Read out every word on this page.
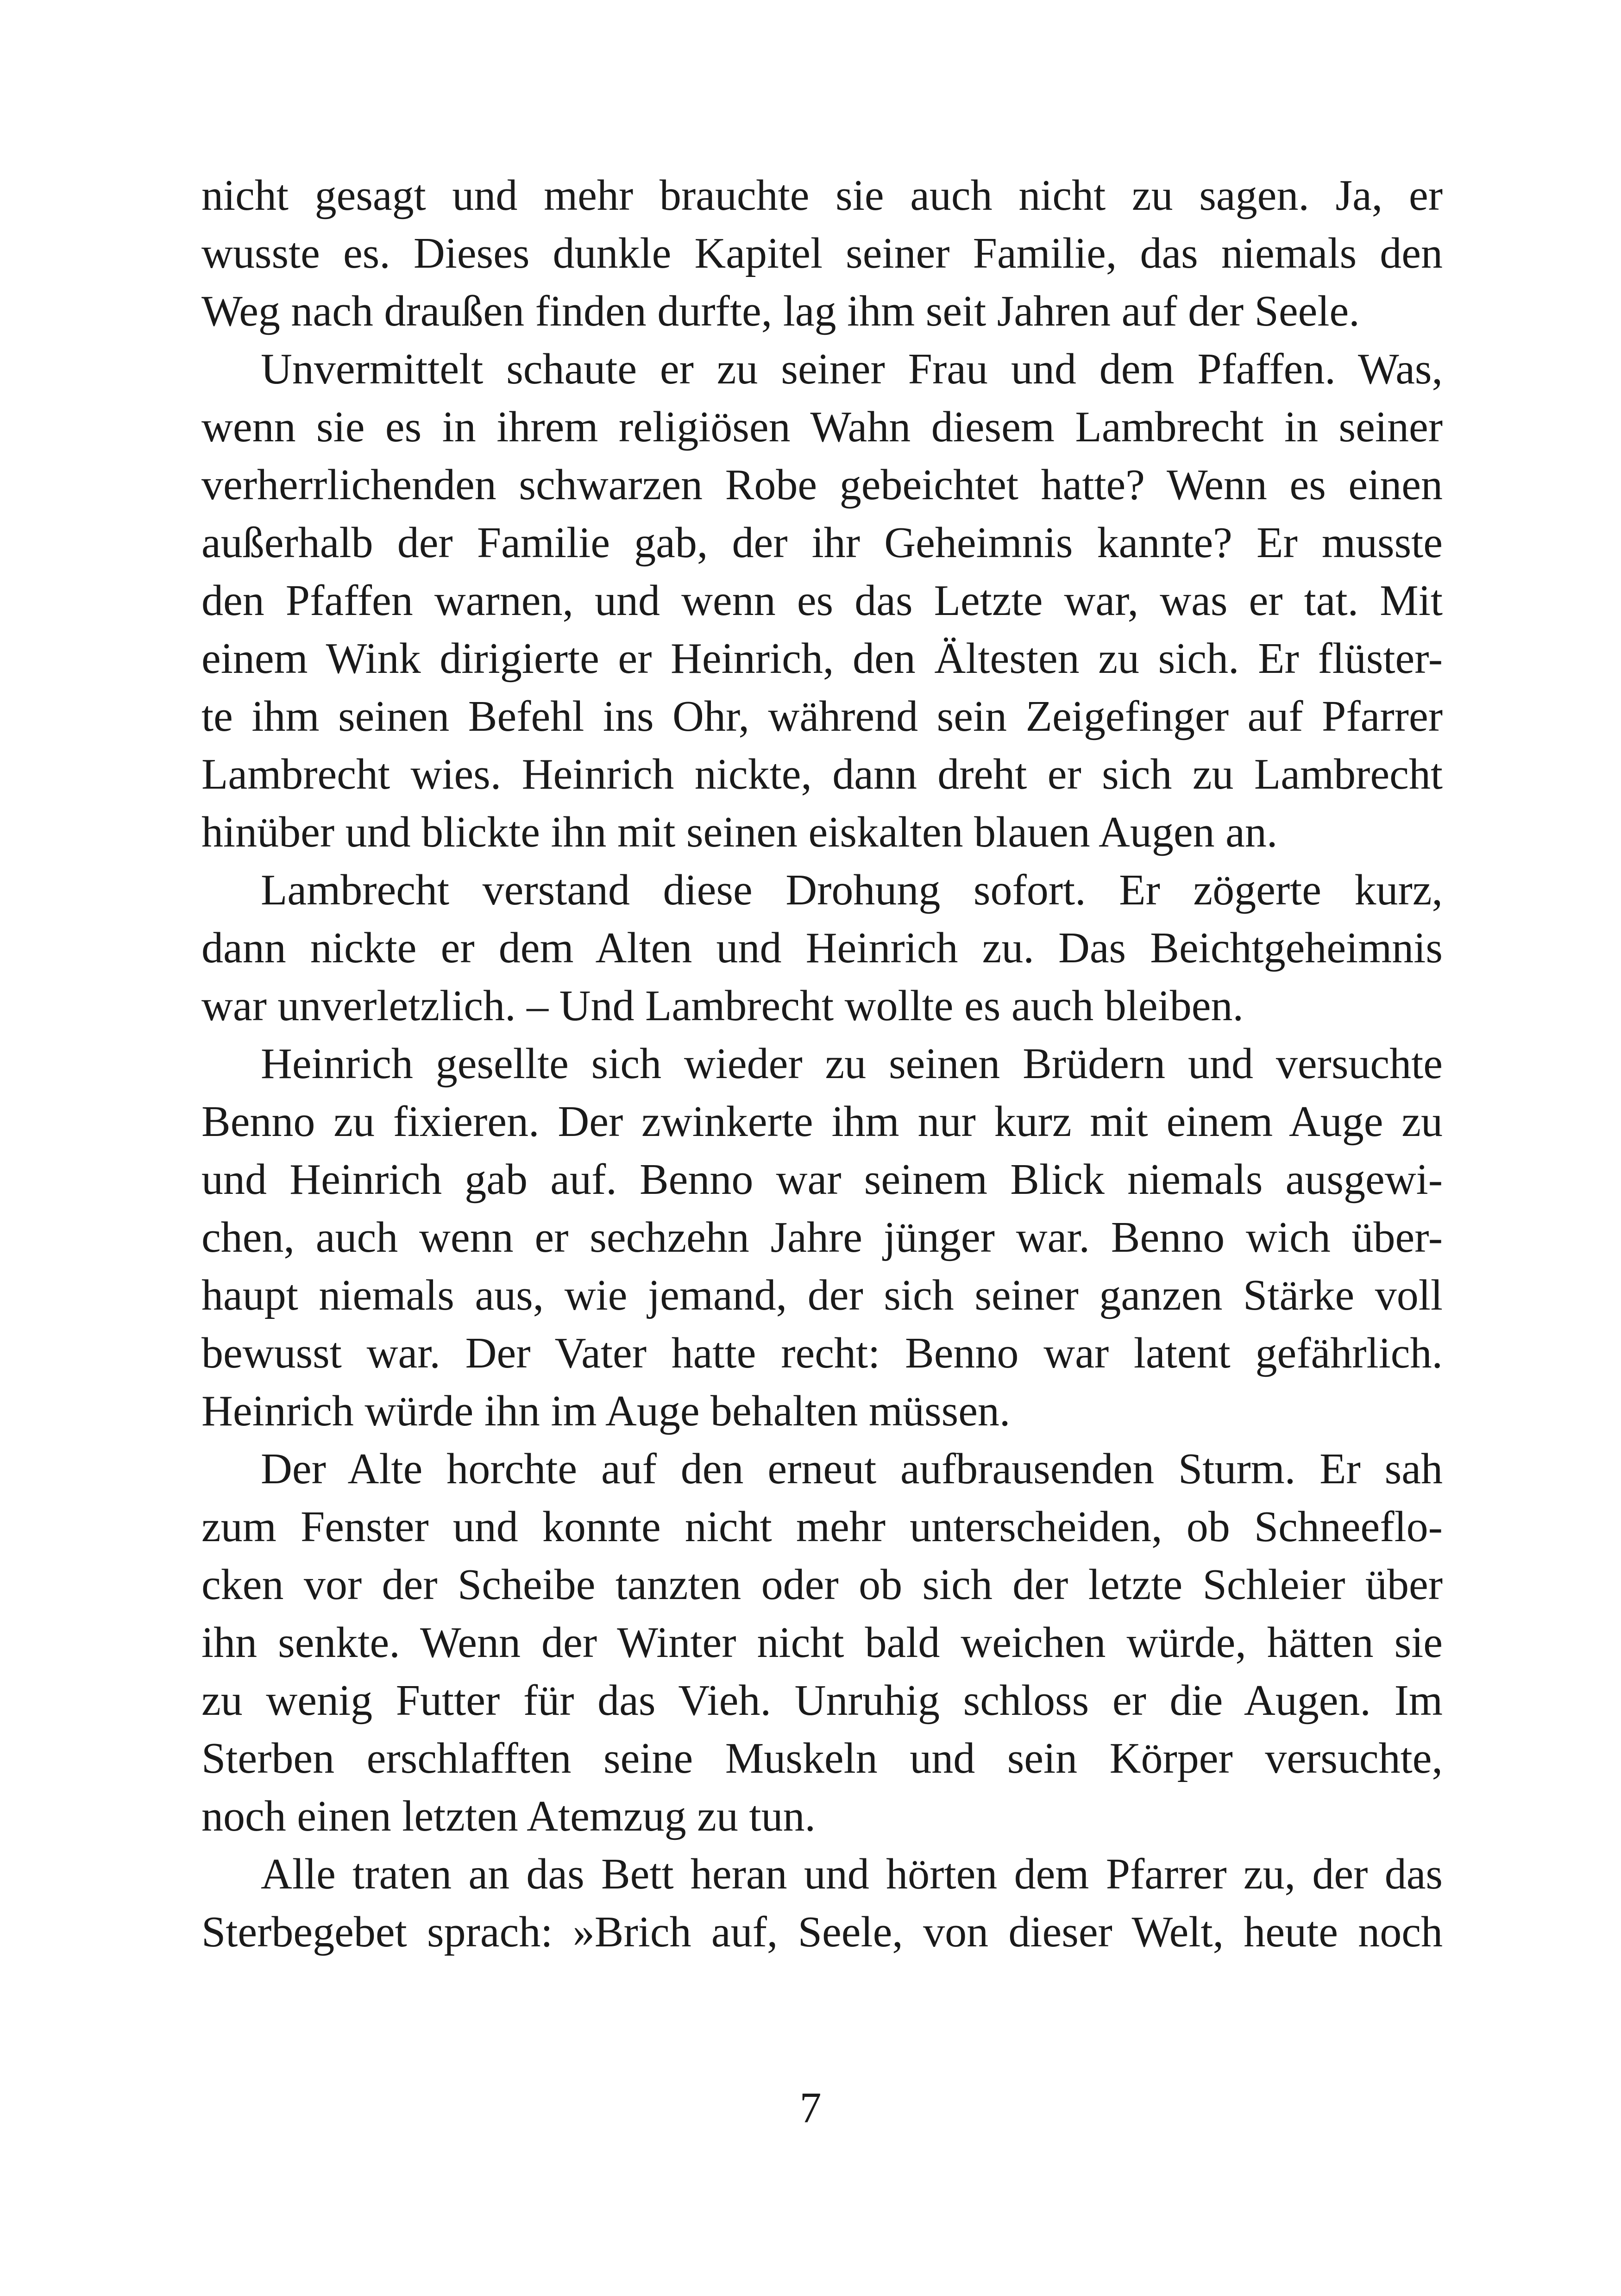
nicht gesagt und mehr brauchte sie auch nicht zu sagen. Ja, er
wusste es. Dieses dunkle Kapitel seiner Familie, das niemals den
Weg nach draußen finden durfte, lag ihm seit Jahren auf der Seele.
Unvermittelt schaute er zu seiner Frau und dem Pfaffen. Was,
wenn sie es in ihrem religiösen Wahn diesem Lambrecht in seiner
verherrlichenden schwarzen Robe gebeichtet hatte? Wenn es einen
außerhalb der Familie gab, der ihr Geheimnis kannte? Er musste
den Pfaffen warnen, und wenn es das Letzte war, was er tat. Mit
einem Wink dirigierte er Heinrich, den Ältesten zu sich. Er flüster-
te ihm seinen Befehl ins Ohr, während sein Zeigefinger auf Pfarrer
Lambrecht wies. Heinrich nickte, dann dreht er sich zu Lambrecht
hinüber und blickte ihn mit seinen eiskalten blauen Augen an.
Lambrecht verstand diese Drohung sofort. Er zögerte kurz,
dann nickte er dem Alten und Heinrich zu. Das Beichtgeheimnis
war unverletzlich. – Und Lambrecht wollte es auch bleiben.
Heinrich gesellte sich wieder zu seinen Brüdern und versuchte
Benno zu fixieren. Der zwinkerte ihm nur kurz mit einem Auge zu
und Heinrich gab auf. Benno war seinem Blick niemals ausgewi-
chen, auch wenn er sechzehn Jahre jünger war. Benno wich über-
haupt niemals aus, wie jemand, der sich seiner ganzen Stärke voll
bewusst war. Der Vater hatte recht: Benno war latent gefährlich.
Heinrich würde ihn im Auge behalten müssen.
Der Alte horchte auf den erneut aufbrausenden Sturm. Er sah
zum Fenster und konnte nicht mehr unterscheiden, ob Schneeflo-
cken vor der Scheibe tanzten oder ob sich der letzte Schleier über
ihn senkte. Wenn der Winter nicht bald weichen würde, hätten sie
zu wenig Futter für das Vieh. Unruhig schloss er die Augen. Im
Sterben erschlafften seine Muskeln und sein Körper versuchte,
noch einen letzten Atemzug zu tun.
Alle traten an das Bett heran und hörten dem Pfarrer zu, der das
Sterbegebet sprach: »Brich auf, Seele, von dieser Welt, heute noch
7
